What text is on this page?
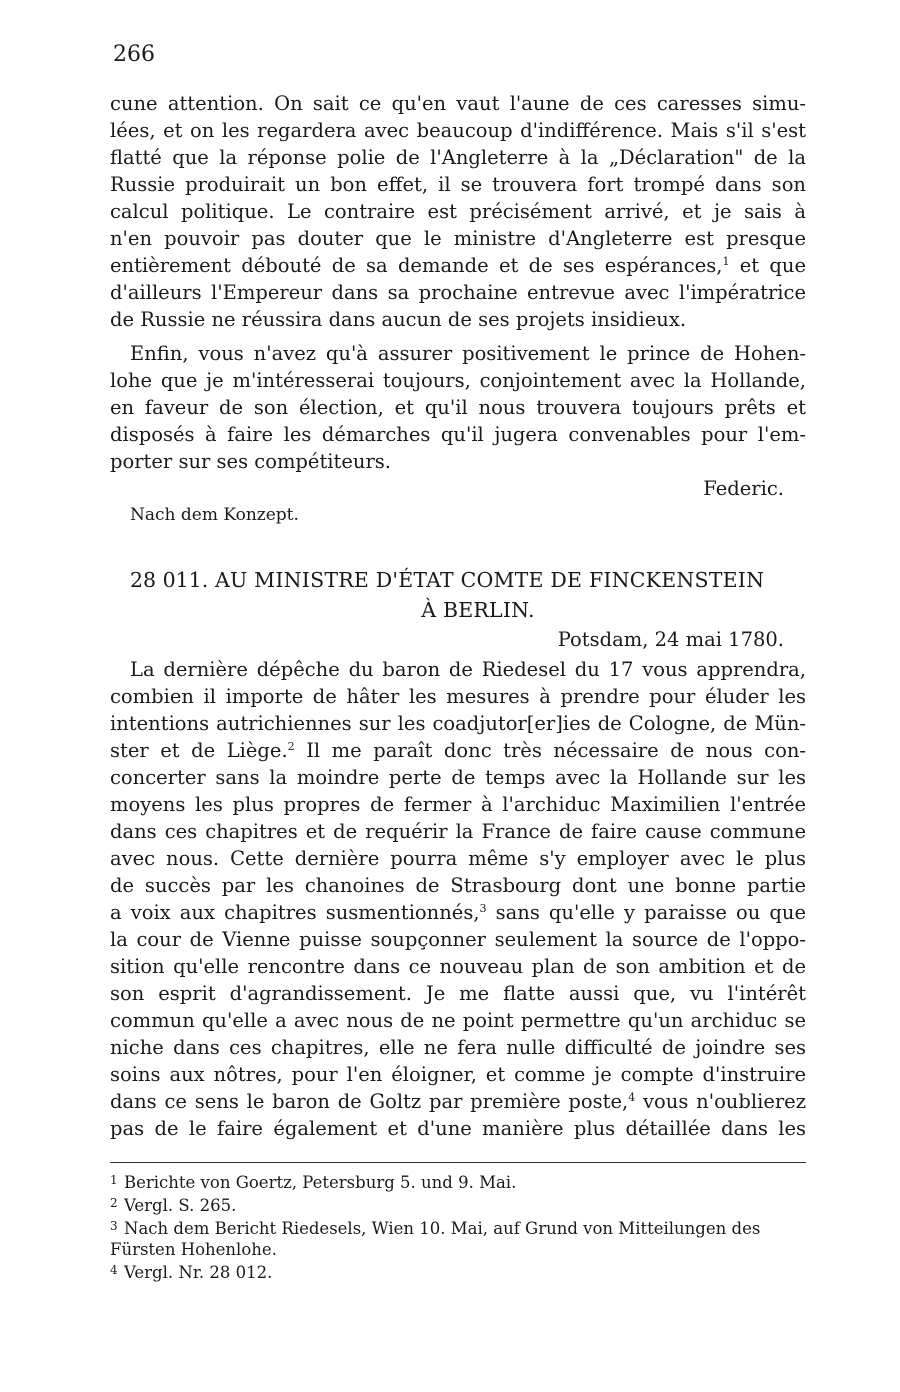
266
cune attention. On sait ce qu'en vaut l'aune de ces caresses simu-
lées, et on les regardera avec beaucoup d'indifférence. Mais s'il s'est
flatté que la réponse polie de l'Angleterre à la „Déclaration" de la
Russie produirait un bon effet, il se trouvera fort trompé dans son
calcul politique. Le contraire est précisément arrivé, et je sais à
n'en pouvoir pas douter que le ministre d'Angleterre est presque
entièrement débouté de sa demande et de ses espérances,$^1$ et que
d'ailleurs l'Empereur dans sa prochaine entrevue avec l'impératrice
de Russie ne réussira dans aucun de ses projets insidieux.
Enfin, vous n'avez qu'à assurer positivement le prince de Hohen-
lohe que je m'intéresserai toujours, conjointement avec la Hollande,
en faveur de son élection, et qu'il nous trouvera toujours prêts et
disposés à faire les démarches qu'il jugera convenables pour l'em-
porter sur ses compétiteurs.
Federic.
Nach dem Konzept.
28 011. AU MINISTRE D'ÉTAT COMTE DE FINCKENSTEIN
À BERLIN.
Potsdam, 24 mai 1780.
La dernière dépêche du baron de Riedesel du 17 vous apprendra,
combien il importe de hâter les mesures à prendre pour éluder les
intentions autrichiennes sur les coadjutor[er]ies de Cologne, de Mün-
ster et de Liège.$^2$ Il me paraît donc très nécessaire de nous con-
concerter sans la moindre perte de temps avec la Hollande sur les
moyens les plus propres de fermer à l'archiduc Maximilien l'entrée
dans ces chapitres et de requérir la France de faire cause commune
avec nous. Cette dernière pourra même s'y employer avec le plus
de succès par les chanoines de Strasbourg dont une bonne partie
a voix aux chapitres susmentionnés,$^3$ sans qu'elle y paraisse ou que
la cour de Vienne puisse soupçonner seulement la source de l'oppo-
sition qu'elle rencontre dans ce nouveau plan de son ambition et de
son esprit d'agrandissement. Je me flatte aussi que, vu l'intérêt
commun qu'elle a avec nous de ne point permettre qu'un archiduc se
niche dans ces chapitres, elle ne fera nulle difficulté de joindre ses
soins aux nôtres, pour l'en éloigner, et comme je compte d'instruire
dans ce sens le baron de Goltz par première poste,$^4$ vous n'oublierez
pas de le faire également et d'une manière plus détaillée dans les
1 Berichte von Goertz, Petersburg 5. und 9. Mai.
2 Vergl. S. 265.
3 Nach dem Bericht Riedesels, Wien 10. Mai, auf Grund von Mitteilungen des
Fürsten Hohenlohe.
4 Vergl. Nr. 28 012.
